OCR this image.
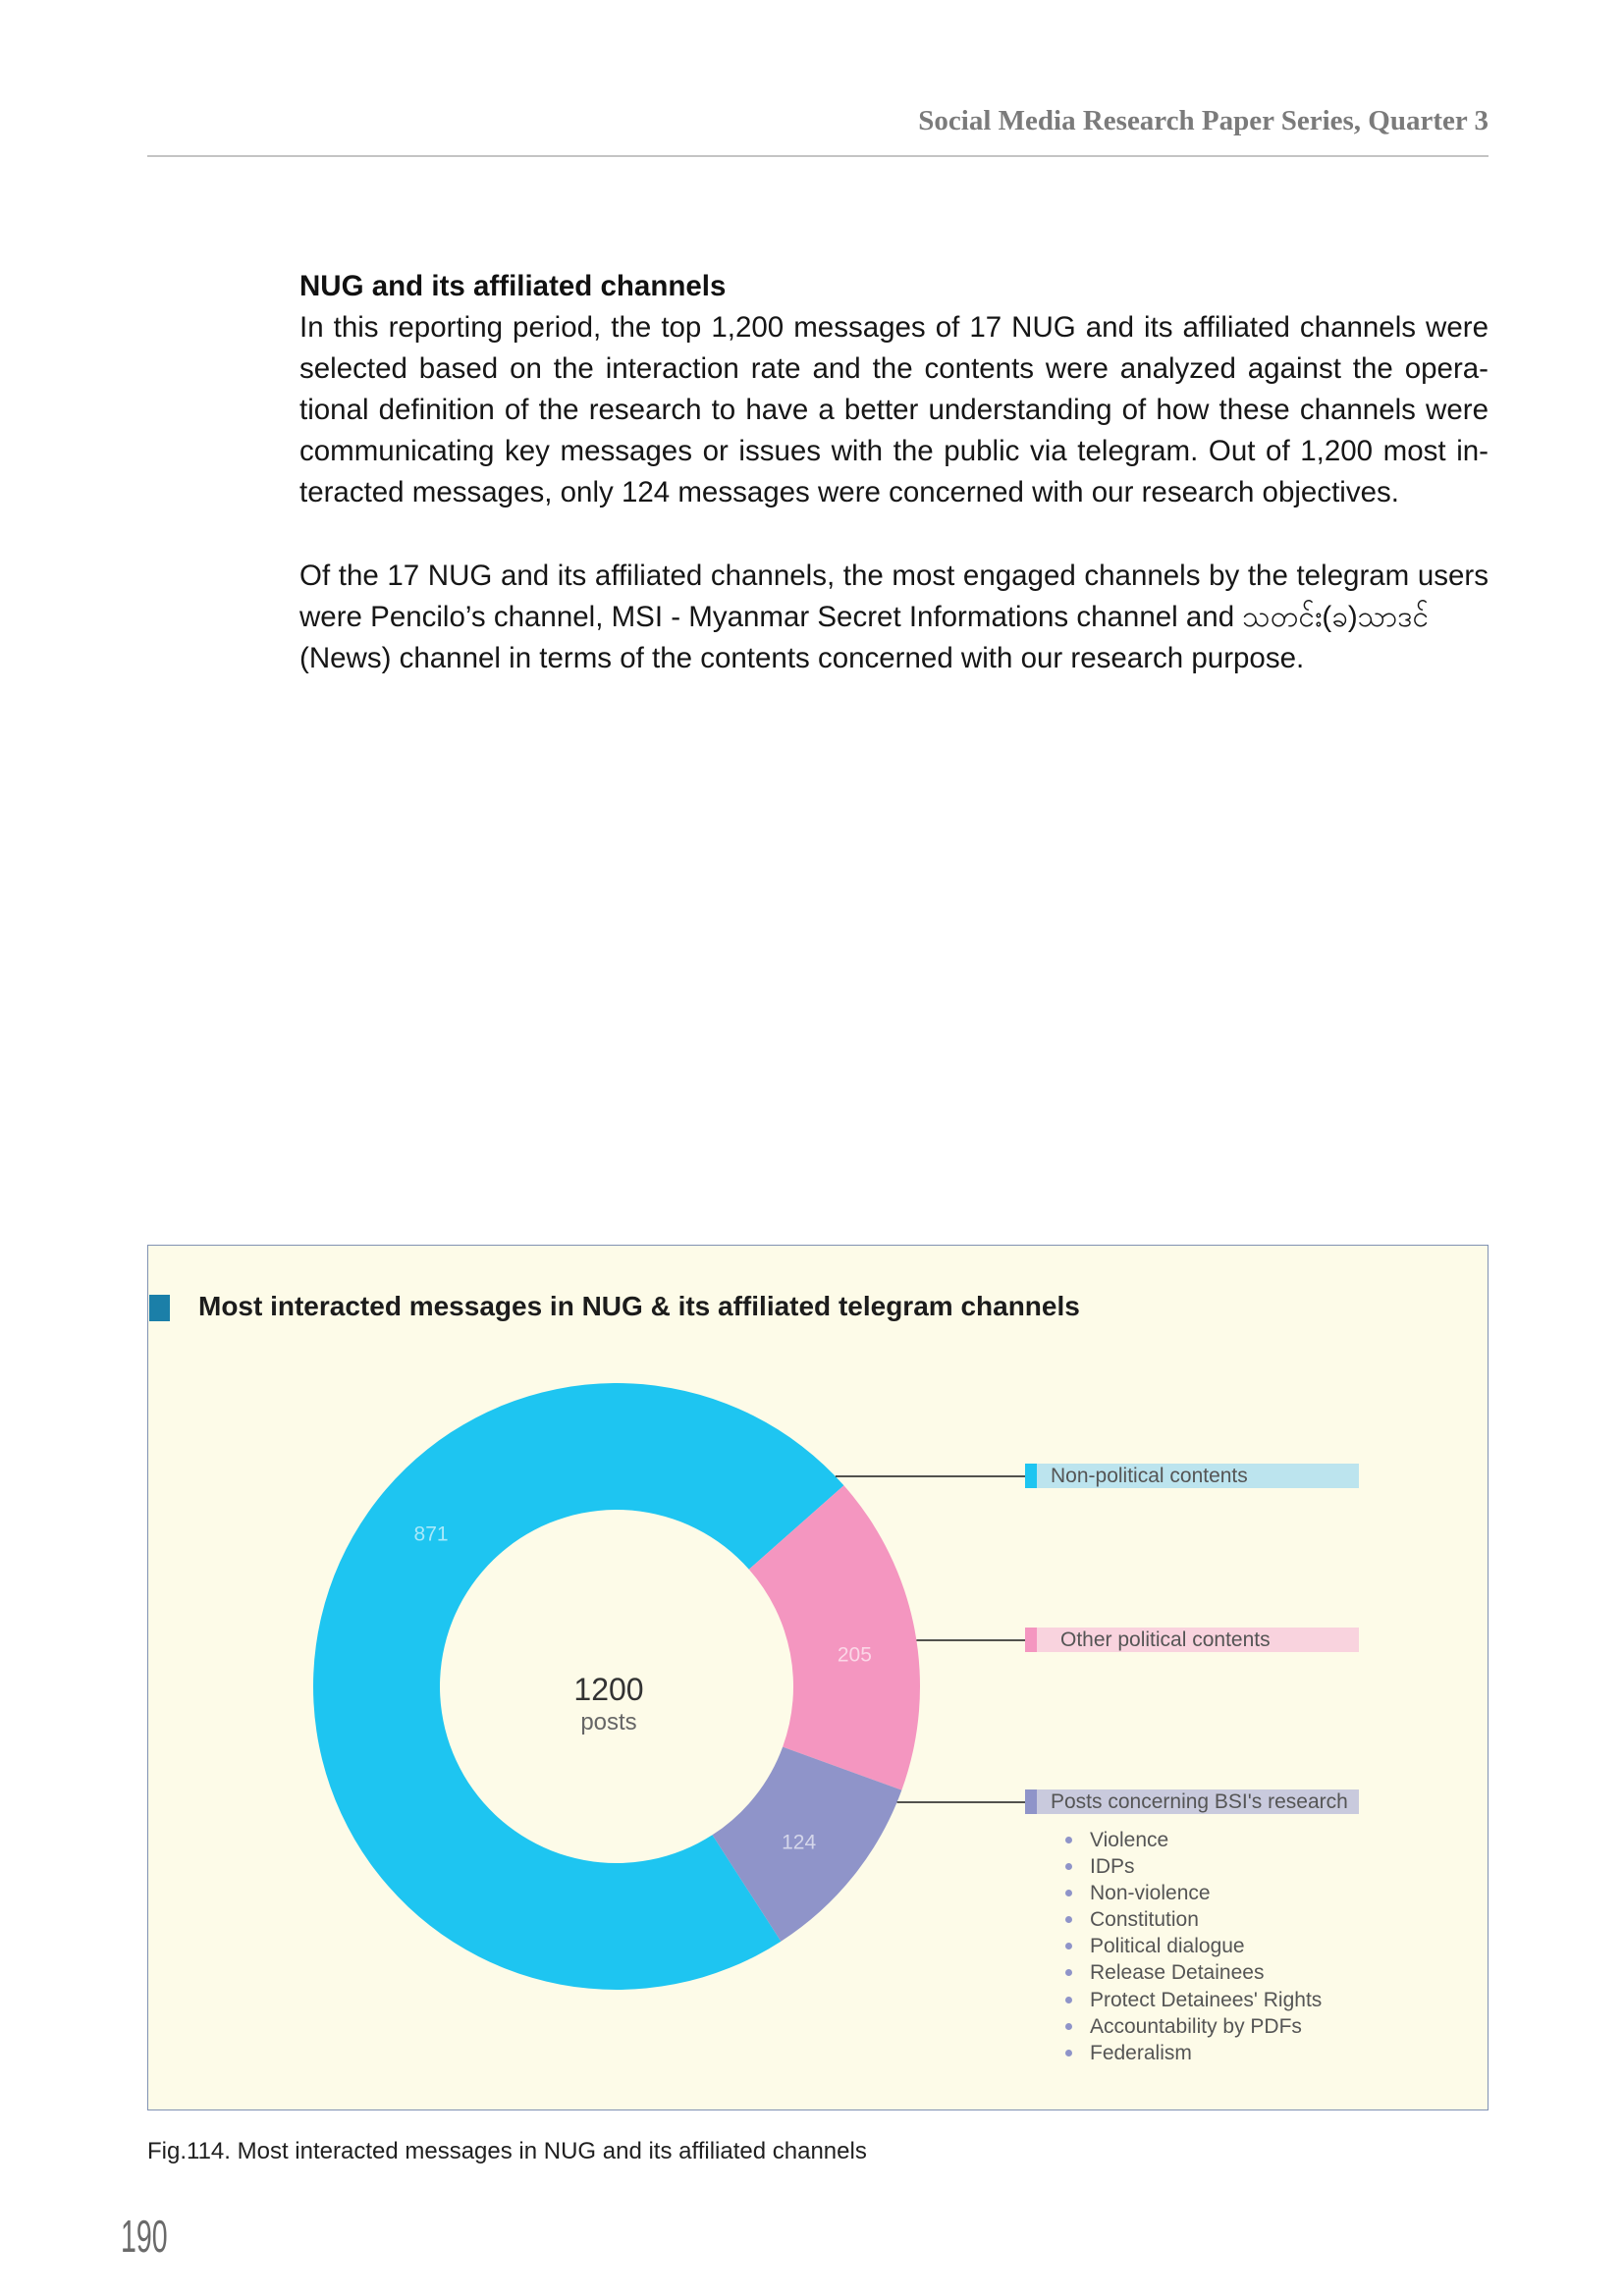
Social Media Research Paper Series, Quarter 3
NUG and its affiliated channels
In this reporting period, the top 1,200 messages of 17 NUG and its affiliated channels were
selected based on the interaction rate and the contents were analyzed against the opera-
tional definition of the research to have a better understanding of how these channels were
communicating key messages or issues with the public via telegram. Out of 1,200 most in-
teracted messages, only 124 messages were concerned with our research objectives.
Of the 17 NUG and its affiliated channels, the most engaged channels by the telegram users
were Pencilo’s channel, MSI - Myanmar Secret Informations channel and သတင်း(ခ)သာဒင်
(News) channel in terms of the contents concerned with our research purpose.
Most interacted messages in NUG & its affiliated telegram channels
871
205
124
1200
posts
Non-political contents
Other political contents
Posts concerning BSI's research
Violence
IDPs
Non-violence
Constitution
Political dialogue
Release Detainees
Protect Detainees' Rights
Accountability by PDFs
Federalism
Fig.114. Most interacted messages in NUG and its affiliated channels
190
